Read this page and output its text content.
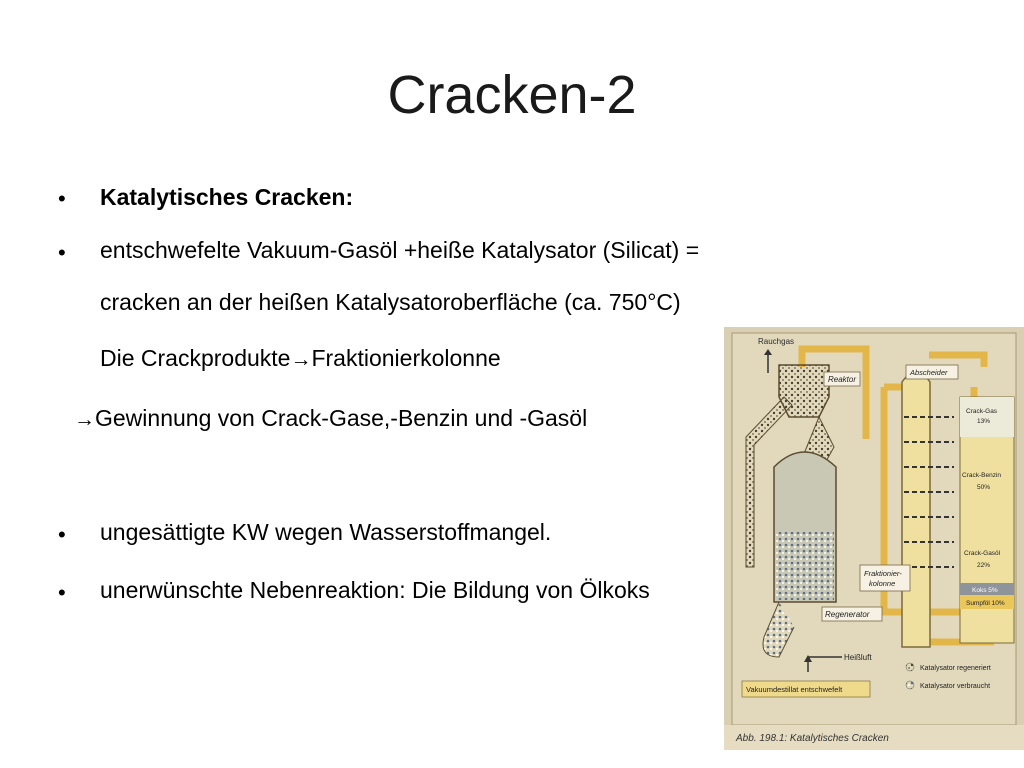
Cracken-2
• Katalytisches Cracken:
• entschwefelte Vakuum-Gasöl +heiße Katalysator (Silicat) =
cracken an der heißen Katalysatoroberfläche (ca. 750°C)
Die Crackprodukte→Fraktionierkolonne
→Gewinnung von Crack-Gase,-Benzin und -Gasöl
• ungesättigte KW wegen Wasserstoffmangel.
• unerwünschte Nebenreaktion: Die Bildung von Ölkoks
Rauchgas
Reaktor
Regenerator
Heißluft
Vakuumdestillat entschwefelt
Fraktionier-
kolonne
Abscheider
Crack-Gas
13%
Crack-Benzin
50%
Crack-Gasöl
22%
Koks 5%
Sumpföl 10%
Katalysator regeneriert
Katalysator verbraucht
Abb. 198.1: Katalytisches Cracken
